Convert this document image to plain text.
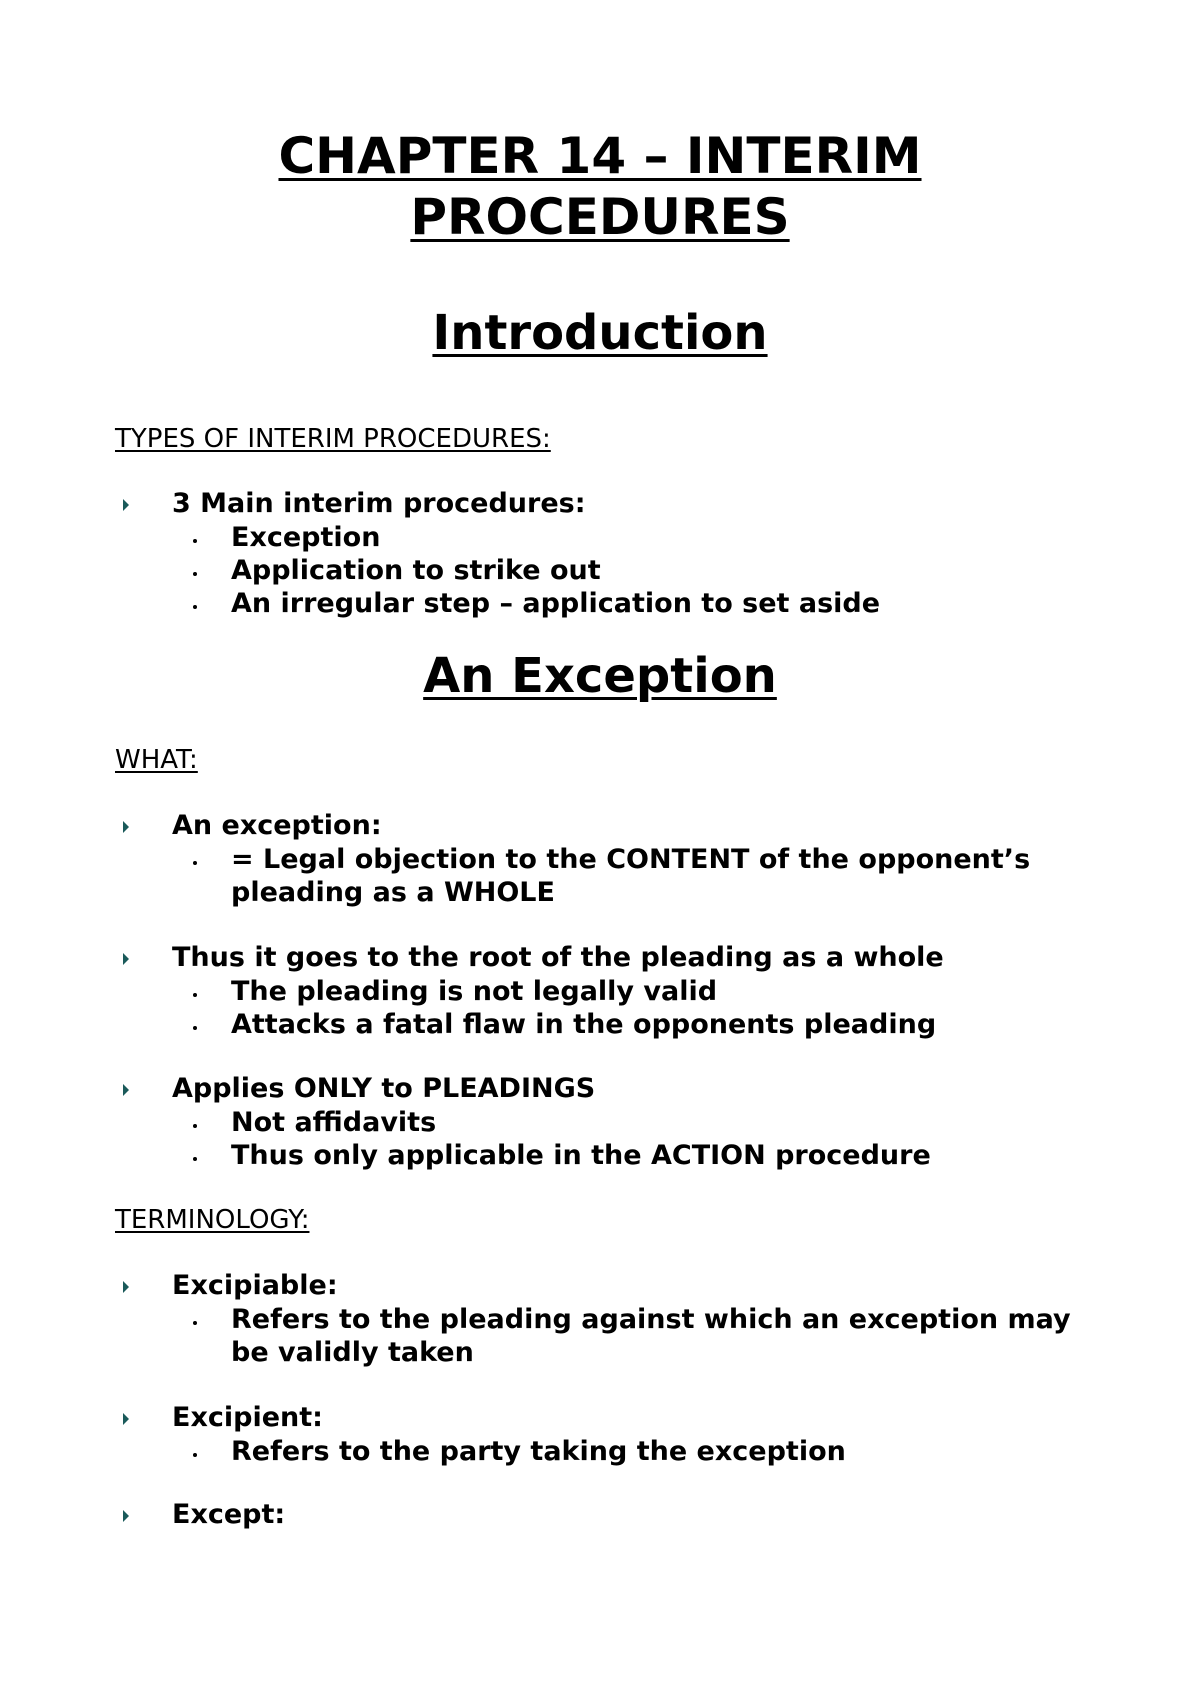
CHAPTER 14 – INTERIM
PROCEDURES
Introduction
TYPES OF INTERIM PROCEDURES:
3 Main interim procedures:
Exception
Application to strike out
An irregular step – application to set aside
An Exception
WHAT:
An exception:
= Legal objection to the CONTENT of the opponent’s pleading as a WHOLE
Thus it goes to the root of the pleading as a whole
The pleading is not legally valid
Attacks a fatal flaw in the opponents pleading
Applies ONLY to PLEADINGS
Not affidavits
Thus only applicable in the ACTION procedure
TERMINOLOGY:
Excipiable:
Refers to the pleading against which an exception may be validly taken
Excipient:
Refers to the party taking the exception
Except:
